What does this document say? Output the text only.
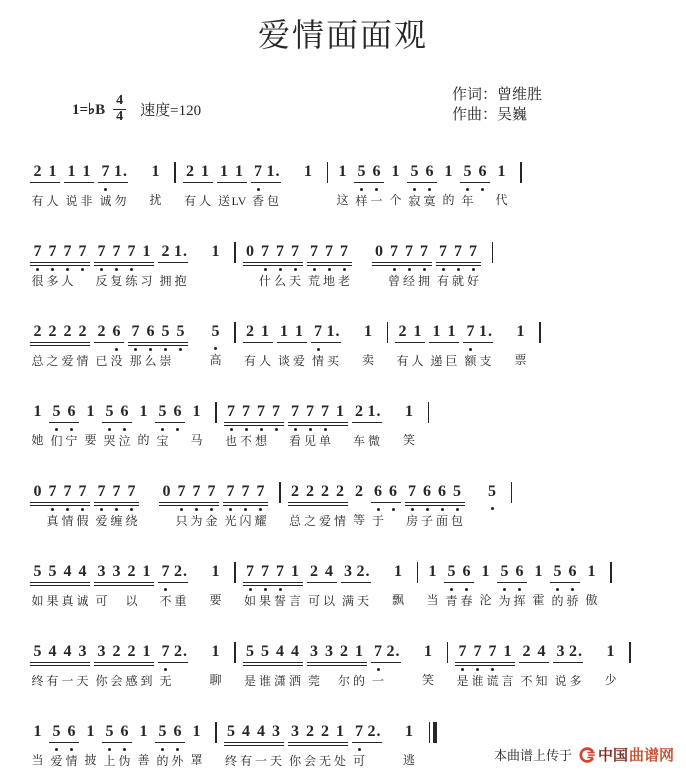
爱情面面观
1=♭B $\frac{4}{4}$ 速度=120
作词：曾维胜
作曲：吴巍
2 1
有 人
1 1
说 非
7 1.
诚 勿
1
扰
2 1
有 人
1 1
送 LV
7 1.
香 包
1 1
这
5 6
样 一
1
个
5 6
寂 寞
1
的
5 6
年
1
代
7 7 7 7
很 多 人
7 7 7 1
反 复 练 习
2 1.
拥 抱
1 0 7 7 7
什 么 天
7 7 7
荒 地 老
0 7 7 7
曾 经 拥
7 7 7
有 就 好
2 2 2 2
总 之 爱 情
2 6
已 没
7 6 5 5
那 么 崇
5
高
2 1
有 人
1 1
谈 爱
7 1.
情 买
1
卖
2 1
有 人
1 1
递 巨
7 1.
额 支
1
票
1
她
5 6
们 宁
1
要
5 6
哭 泣
1
的
5 6
宝
1
马
7 7 7 7
也 不 想
7 7 7 1
看 见 单
2 1.
车 微
1
笑
0 7 7 7
真 情 假
7 7 7
爱 缠 绕
0 7 7 7
只 为 金
7 7 7
光 闪 耀
2 2 2 2
总 之 爱 情
2
等
6 6
于
7 6 6 5
房 子 面 包
5
5 5 4 4
如 果 真 诚
3 3 2 1
可 以
7 2.
不 重
1
要
7 7 7 1
如 果 誓 言
2 4
可 以
3 2.
满 天
1
飘
1
当
5 6
青 春
1
沦
5 6
为 挥
1
霍
5 6
的 骄
1
傲
5 4 4 3
终 有 一 天
3 2 2 1
你 会 感 到
7 2.
无
1
聊
5 5 4 4
是 谁 潇 洒
3 3 2 1
莞 尔 的
7 2.
一
1
笑
7 7 7 1
是 谁 谎 言
2 4
不 知
3 2.
说 多
1
少
1
当
5 6
爱 情
1
披
5 6
上 伪
1
善
5 6
的 外
1
罩
5 4 4 3
终 有 一 天
3 2 2 1
你 会 无 处
7 2.
可
1
逃	本曲谱上传于 中国 曲谱网
